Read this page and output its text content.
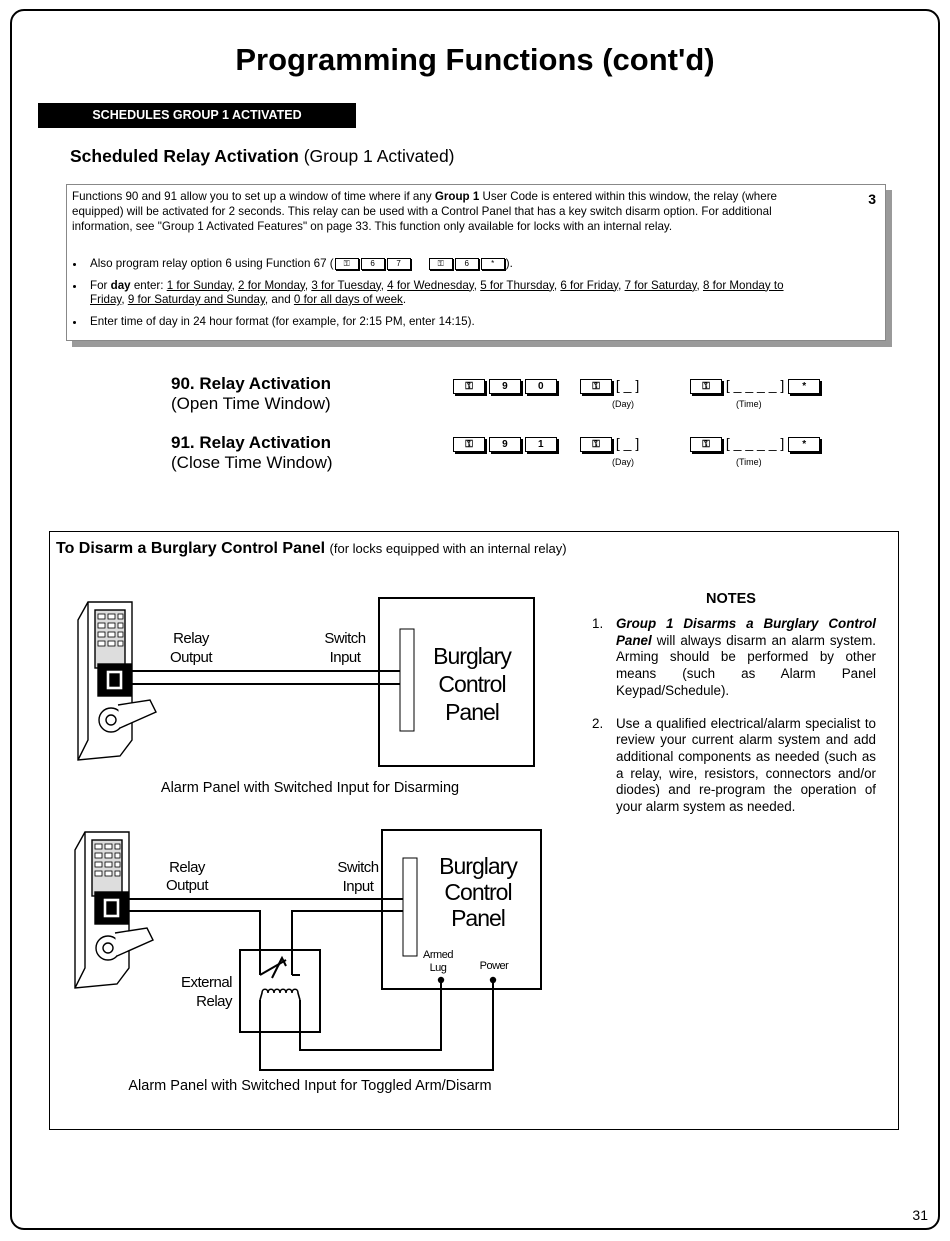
Programming Functions (cont'd)
SCHEDULES GROUP 1 ACTIVATED
Scheduled Relay Activation (Group 1 Activated)
3
Functions 90 and 91 allow you to set up a window of time where if any Group 1 User Code is entered within this window, the relay (where equipped) will be activated for 2 seconds. This relay can be used with a Control Panel that has a key switch disarm option. For additional information, see "Group 1 Activated Features" on page 33. This function only available for locks with an internal relay.
• Also program relay option 6 using Function 67 ( ⚿	6	7	⚿	6	* ).
• For day enter: 1 for Sunday, 2 for Monday, 3 for Tuesday, 4 for Wednesday, 5 for Thursday, 6 for Friday, 7 for Saturday, 8 for Monday to Friday, 9 for Saturday and Sunday, and 0 for all days of week.
• Enter time of day in 24 hour format (for example, for 2:15 PM, enter 14:15).
90. Relay Activation
(Open Time Window)
⚿	9	0	⚿ [ _ ]
(Day)
⚿ [ _ _ _ _ ] *
(Time)
91. Relay Activation
(Close Time Window)
⚿	9	1	⚿ [ _ ]
(Day)
⚿ [ _ _ _ _ ] *
(Time)
To Disarm a Burglary Control Panel (for locks equipped with an internal relay)
Relay
Output
Switch
Input	Burglary
Control
Panel
Alarm Panel with Switched Input for Disarming
Relay
Output
Switch
Input
Burglary
Control
Panel
Armed
Lug	Power
External
Relay
Alarm Panel with Switched Input for Toggled Arm/Disarm
NOTES
1. Group 1 Disarms a Burglary Control Panel will always disarm an alarm system. Arming should be performed by other means (such as Alarm Panel Keypad/Schedule).
2. Use a qualified electrical/alarm specialist to review your current alarm system and add additional components as needed (such as a relay, wire, resistors, connectors and/or diodes) and re-program the operation of your alarm system as needed.
31
